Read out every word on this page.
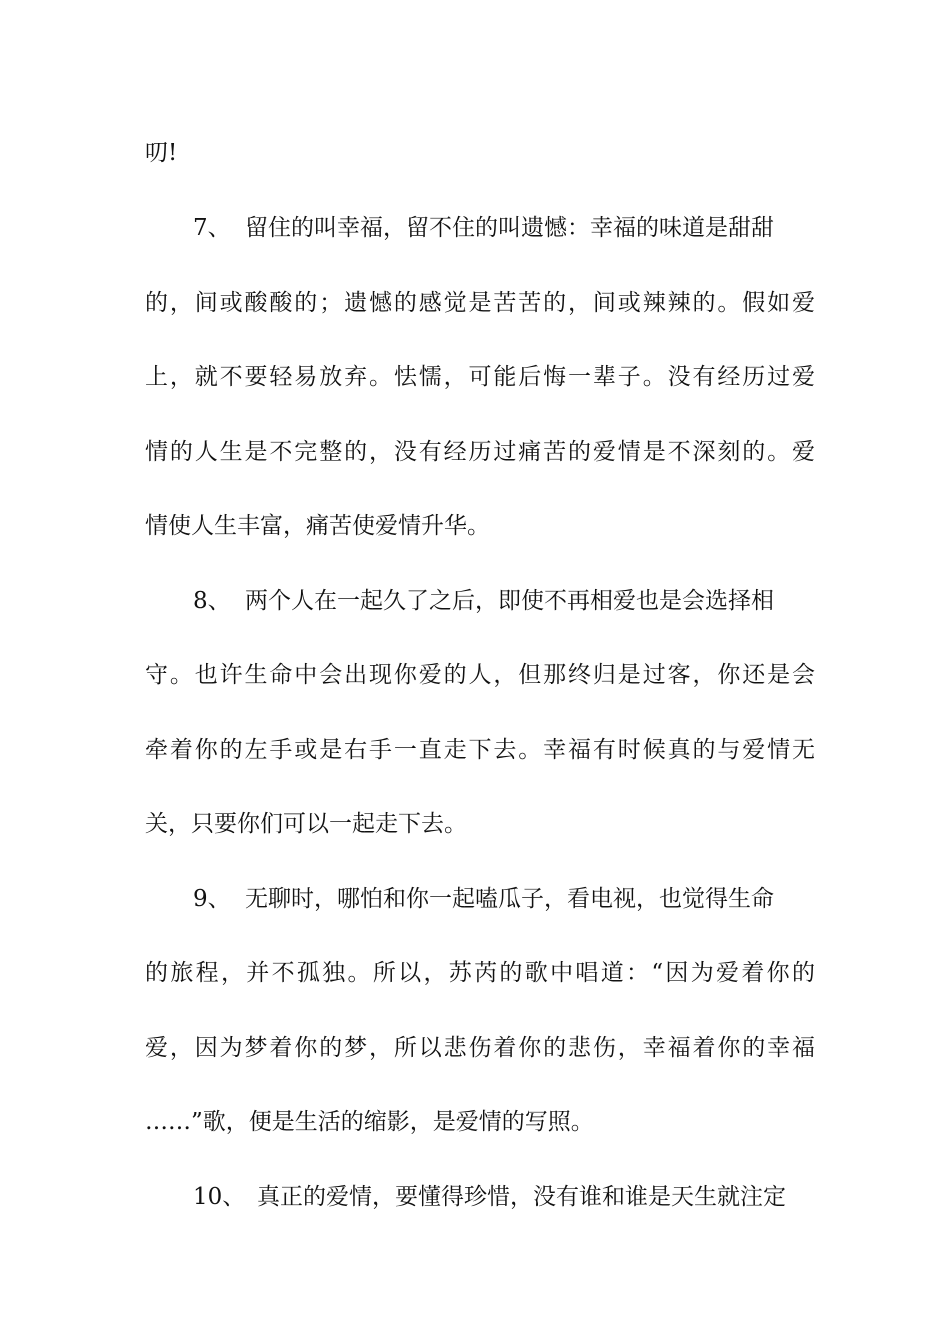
叨!
7、 留住的叫幸福，留不住的叫遗憾：幸福的味道是甜甜
的，间或酸酸的；遗憾的感觉是苦苦的，间或辣辣的。假如爱
上，就不要轻易放弃。怯懦，可能后悔一辈子。没有经历过爱
情的人生是不完整的，没有经历过痛苦的爱情是不深刻的。爱
情使人生丰富，痛苦使爱情升华。
8、 两个人在一起久了之后，即使不再相爱也是会选择相
守。也许生命中会出现你爱的人，但那终归是过客，你还是会
牵着你的左手或是右手一直走下去。幸福有时候真的与爱情无
关，只要你们可以一起走下去。
9、 无聊时，哪怕和你一起嗑瓜子，看电视，也觉得生命
的旅程，并不孤独。所以，苏芮的歌中唱道：“因为爱着你的
爱，因为梦着你的梦，所以悲伤着你的悲伤，幸福着你的幸福
……”歌，便是生活的缩影，是爱情的写照。
10、 真正的爱情，要懂得珍惜，没有谁和谁是天生就注定
